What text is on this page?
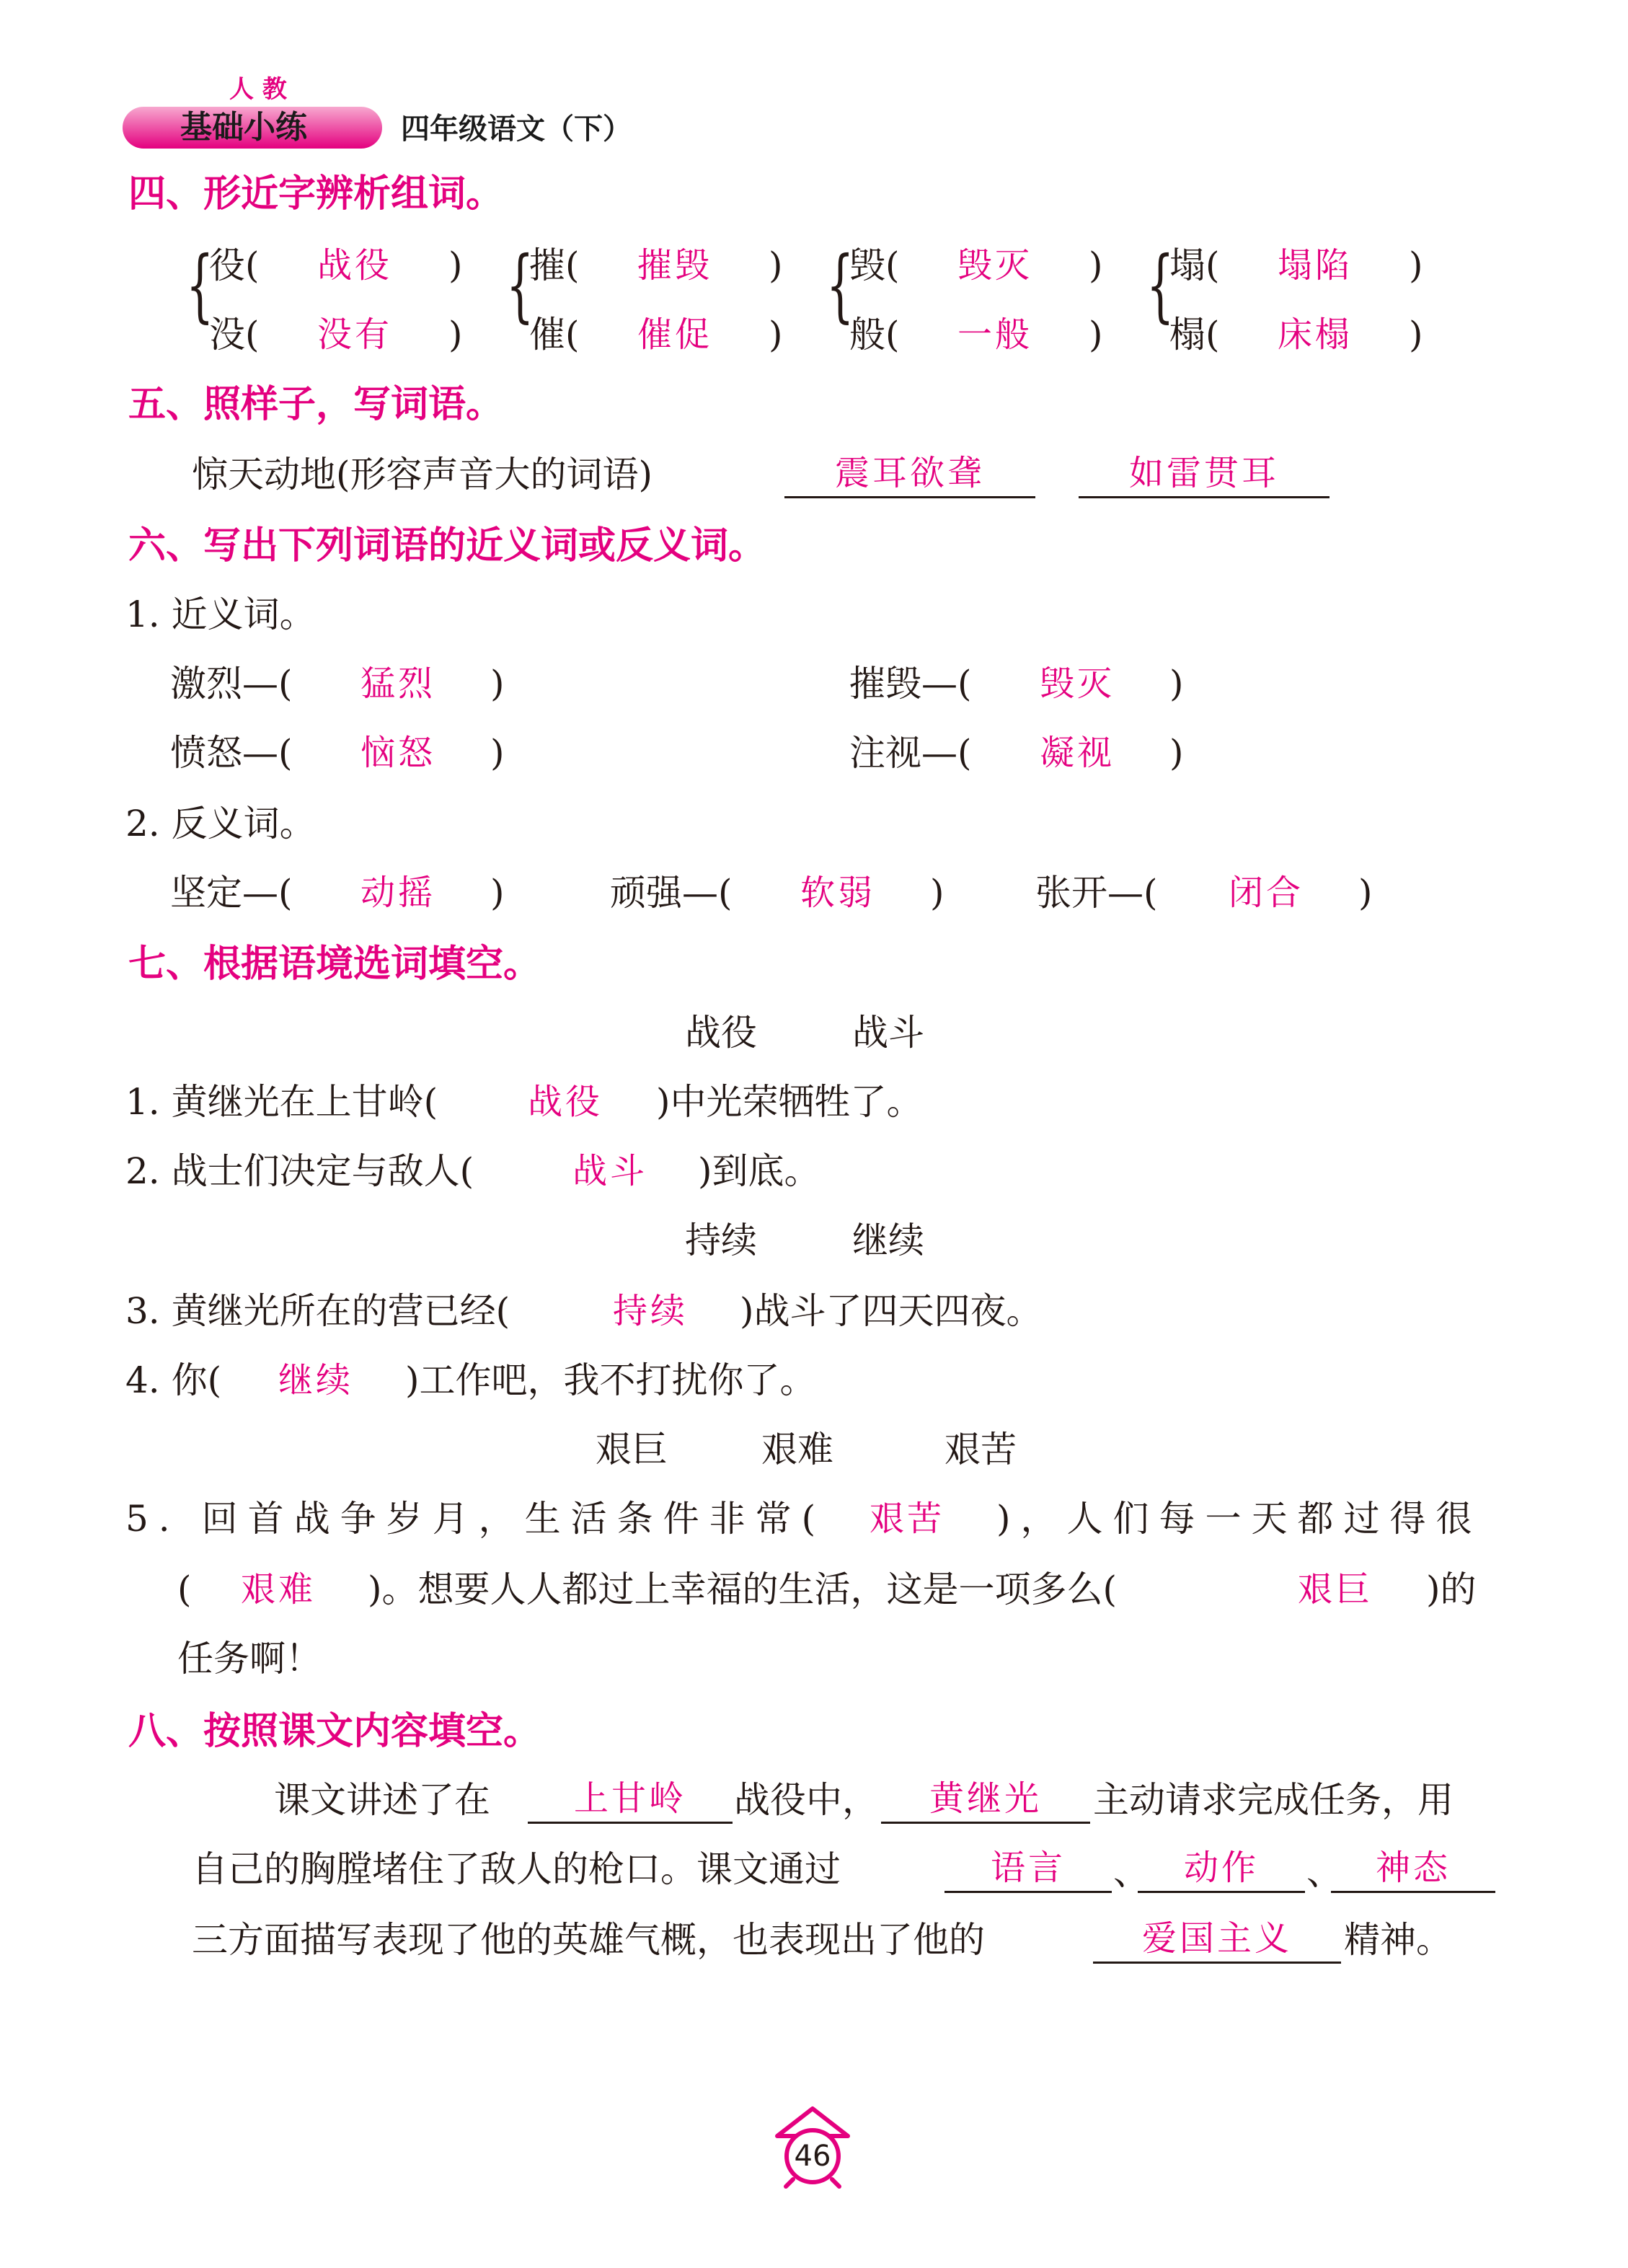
人 教
基础小练	四年级语文（下）
四、形近字辨析组词。
{
役( 战役 )
没( 没有 )
{
摧( 摧毁 )
催( 催促 )
{
毁( 毁灭 )
般( 一般 )
{
塌( 塌陷 )
榻( 床榻 )
五、照样子，写词语。
惊天动地(形容声音大的词语)	震耳欲聋	如雷贯耳
六、写出下列词语的近义词或反义词。
1. 近义词。
激烈—( 猛烈 )	摧毁—( 毁灭 )
愤怒—( 恼怒 )	注视—( 凝视 )
2. 反义词。
坚定—( 动摇 )	顽强—( 软弱 )	张开—( 闭合 )
七、根据语境选词填空。
战役	战斗
1. 黄继光在上甘岭(	战役 )中光荣牺牲了。
2. 战士们决定与敌人(	战斗 )到底。
持续	继续
3. 黄继光所在的营已经(	持续 )战斗了四天四夜。
4. 你( 继续 )工作吧，我不打扰你了。
艰巨	艰难	艰苦
5. 回首战争岁月，生活条件非常( 艰苦 )，人们每一天都过得很
( 艰难 )。想要人人都过上幸福的生活，这是一项多么(	艰巨 )的
任务啊！
八、按照课文内容填空。
课文讲述了在	上甘岭	战役中，	黄继光	主动请求完成任务，用
自己的胸膛堵住了敌人的枪口。课文通过	语言	、 动作	、 神态
三方面描写表现了他的英雄气概，也表现出了他的	爱国主义	精神。
46
